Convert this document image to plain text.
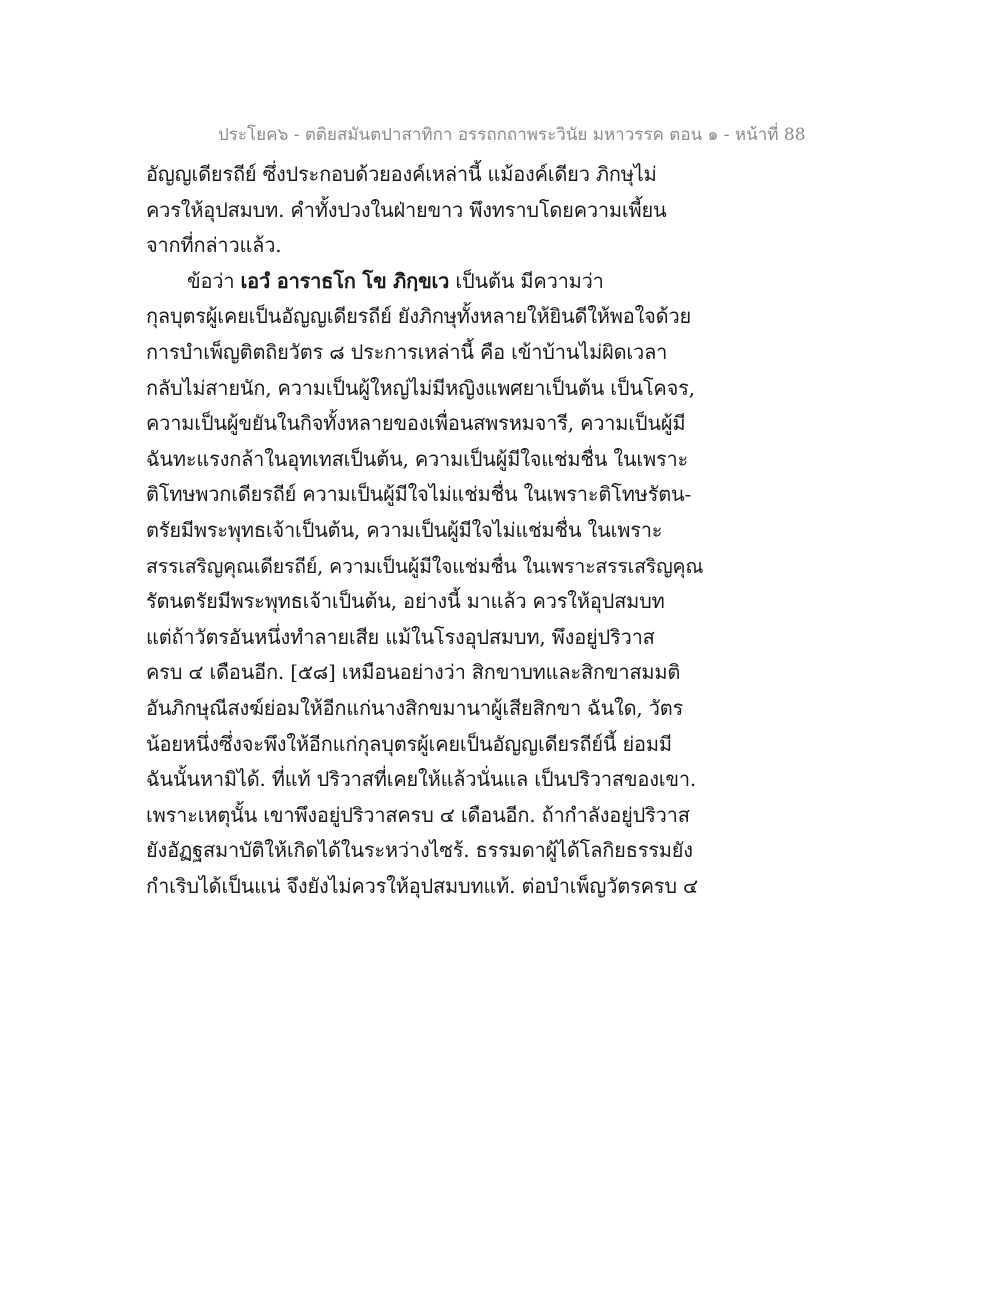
ประโยค๖ - ตติยสมันตปาสาทิกา อรรถกถาพระวินัย มหาวรรค ตอน ๑ - หน้าที่ 88
อัญญเดียรถีย์ ซึ่งประกอบด้วยองค์เหล่านี้ แม้องค์เดียว ภิกษุไม่
ควรให้อุปสมบท. คำทั้งปวงในฝ่ายขาว พึงทราบโดยความเพี้ยน
จากที่กล่าวแล้ว.
ข้อว่า เอวํ อาราธโก โข ภิกฺขเว เป็นต้น มีความว่า
กุลบุตรผู้เคยเป็นอัญญเดียรถีย์ ยังภิกษุทั้งหลายให้ยินดีให้พอใจด้วย
การบำเพ็ญติตถิยวัตร ๘ ประการเหล่านี้ คือ เข้าบ้านไม่ผิดเวลา
กลับไม่สายนัก, ความเป็นผู้ใหญ่ไม่มีหญิงแพศยาเป็นต้น เป็นโคจร,
ความเป็นผู้ขยันในกิจทั้งหลายของเพื่อนสพรหมจารี, ความเป็นผู้มี
ฉันทะแรงกล้าในอุทเทสเป็นต้น, ความเป็นผู้มีใจแช่มชื่น ในเพราะ
ติโทษพวกเดียรถีย์ ความเป็นผู้มีใจไม่แช่มชื่น ในเพราะติโทษรัตน-
ตรัยมีพระพุทธเจ้าเป็นต้น, ความเป็นผู้มีใจไม่แช่มชื่น ในเพราะ
สรรเสริญคุณเดียรถีย์, ความเป็นผู้มีใจแช่มชื่น ในเพราะสรรเสริญคุณ
รัตนตรัยมีพระพุทธเจ้าเป็นต้น, อย่างนี้ มาแล้ว ควรให้อุปสมบท
แต่ถ้าวัตรอันหนึ่งทำลายเสีย แม้ในโรงอุปสมบท, พึงอยู่ปริวาส
ครบ ๔ เดือนอีก. [๕๘] เหมือนอย่างว่า สิกขาบทและสิกขาสมมติ
อันภิกษุณีสงฆ์ย่อมให้อีกแก่นางสิกขมานาผู้เสียสิกขา ฉันใด, วัตร
น้อยหนึ่งซึ่งจะพึงให้อีกแก่กุลบุตรผู้เคยเป็นอัญญเดียรถีย์นี้ ย่อมมี
ฉันนั้นหามิได้. ที่แท้ ปริวาสที่เคยให้แล้วนั่นแล เป็นปริวาสของเขา.
เพราะเหตุนั้น เขาพึงอยู่ปริวาสครบ ๔ เดือนอีก. ถ้ากำลังอยู่ปริวาส
ยังอัฏฐสมาบัติให้เกิดได้ในระหว่างไซร้. ธรรมดาผู้ได้โลกิยธรรมยัง
กำเริบได้เป็นแน่ จึงยังไม่ควรให้อุปสมบทแท้. ต่อบำเพ็ญวัตรครบ ๔
